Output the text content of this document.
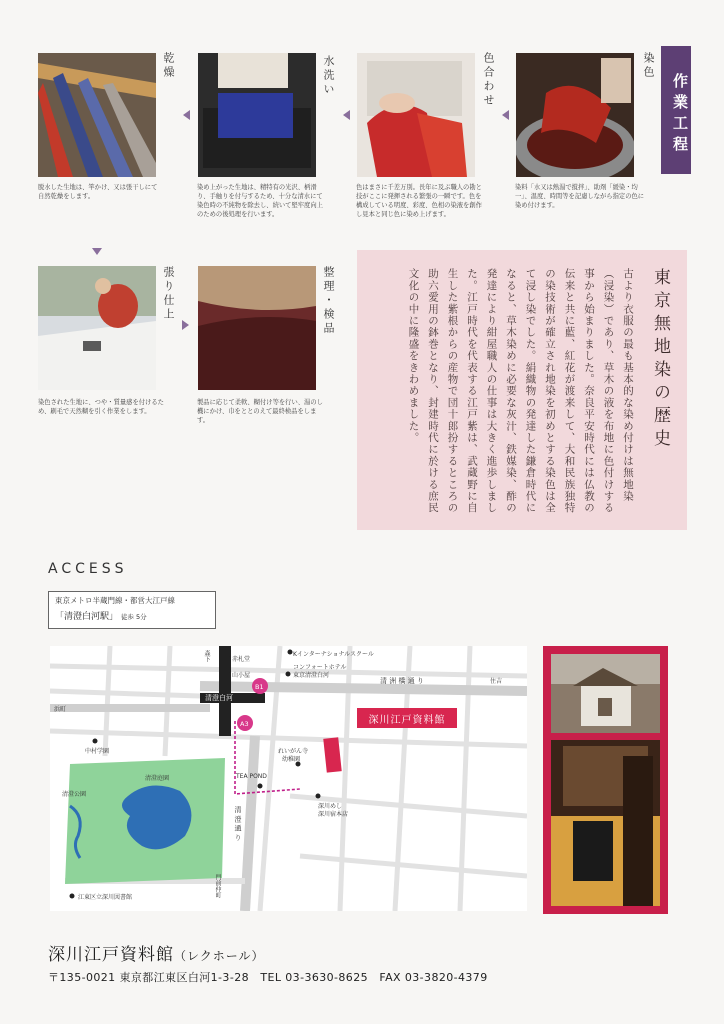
作業工程
染色
染料「水又は熱湯で撹拌」、助剤「緩染・均一」、温度、時間等を記慮しながら指定の色に染め付けます。
色合わせ
色はまさに千差万別。長年に及ぶ職人の勘と技がここに発揮される繁張の一瞬です。色を構成している明度、彩度、色相の染液を創作し見本と同じ色に染め上げます。
水洗い
染め上がった生地は、精特有の光沢、柄滑り、手触りを付与するため、十分な清水にて染色時の不純物を除去し、続いて堅牢度向上のための後処理を行います。
乾燥
脱水した生地は、竿かけ、又は張干しにて自然乾燥をします。
張り仕上
染色された生地に、つや・質量感を付けるため、刷毛で天然糊を引く作業をします。
整理・検品
製品に応じて柔軟、糊付け等を行い、湯のし機にかけ、巾をととのえて最終検品をします。	東京無地染の歴史
古より衣服の最も基本的な染め付けは無地染（浸染）であり、草木の液を布地に色付けする事から始まりました。奈良平安時代には仏教の伝来と共に藍、紅花が渡来して、大和民族独特の染技術が確立され地染を初めとする染色は全て浸し染でした。絹織物の発達した鎌倉時代になると、草木染めに必要な灰汁、鉄媒染、酢の発達により紺屋職人の仕事は大きく進歩しました。江戸時代を代表する江戸紫は、武蔵野に自生した紫根からの産物で団十郎扮するところの助六愛用の鉢巻となり、封建時代に於ける庶民文化の中に隆盛をきわめました。
ACCESS
東京メトロ半蔵門線・都営大江戸線
「清澄白河駅」 徒歩 5分
Kインターナショナルスクール
コンフォートホテル
東京清澄白河
赤札堂
山小屋
森下
清澄白河
B1
A3
清 洲 橋 通 り	住吉
浜町
中村学園
清澄庭園
清澄公園
TEA POND
れいがん寺
幼稚園
深川めし
深川宿本店
清 澄 通 り
門前仲町
江東区立深川図書館
深川江戸資料館
深川江戸資料館（レクホール）
〒135-0021 東京都江東区白河1-3-28　TEL 03-3630-8625　FAX 03-3820-4379
